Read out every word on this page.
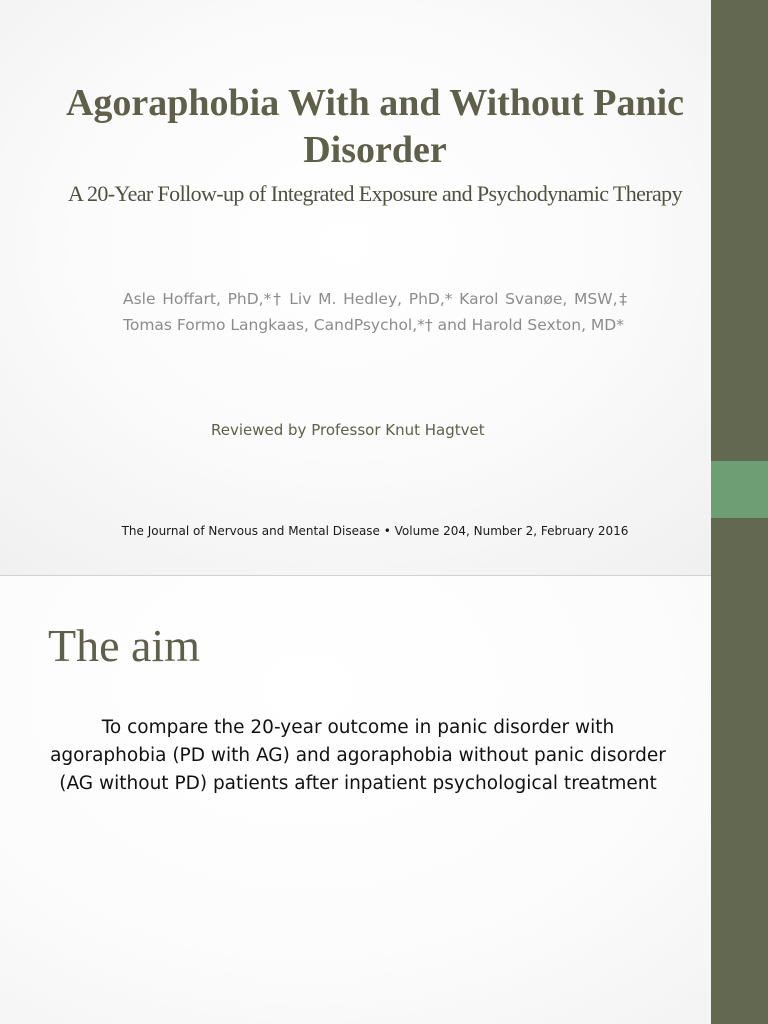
Agoraphobia With and Without Panic Disorder

A 20-Year Follow-up of Integrated Exposure and Psychodynamic Therapy

Asle Hoffart, PhD,*† Liv M. Hedley, PhD,* Karol Svanøe, MSW,‡ Tomas Formo Langkaas, CandPsychol,*† and Harold Sexton, MD*

Reviewed by Professor Knut Hagtvet

The Journal of Nervous and Mental Disease • Volume 204, Number 2, February 2016

The aim

To compare the 20-year outcome in panic disorder with agoraphobia (PD with AG) and agoraphobia without panic disorder (AG without PD) patients after inpatient psychological treatment
